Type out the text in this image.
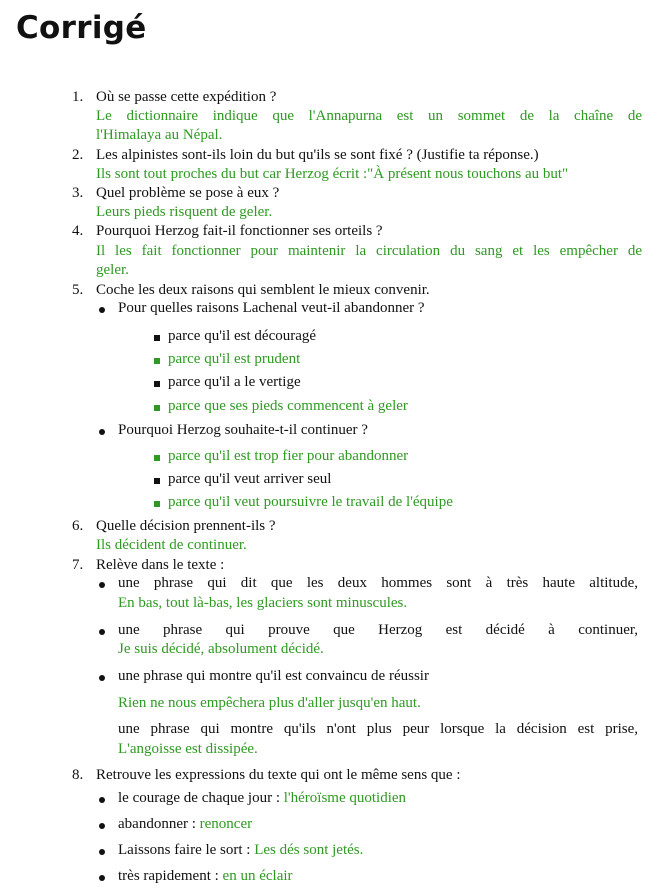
Corrigé
1. Où se passe cette expédition ?
Le dictionnaire indique que l'Annapurna est un sommet de la chaîne de
l'Himalaya au Népal.
2. Les alpinistes sont-ils loin du but qu'ils se sont fixé ? (Justifie ta réponse.)
Ils sont tout proches du but car Herzog écrit :"À présent nous touchons au but"
3. Quel problème se pose à eux ?
Leurs pieds risquent de geler.
4. Pourquoi Herzog fait-il fonctionner ses orteils ?
Il les fait fonctionner pour maintenir la circulation du sang et les empêcher de
geler.
5. Coche les deux raisons qui semblent le mieux convenir.
Pour quelles raisons Lachenal veut-il abandonner ?
parce qu'il est découragé
parce qu'il est prudent
parce qu'il a le vertige
parce que ses pieds commencent à geler
Pourquoi Herzog souhaite-t-il continuer ?
parce qu'il est trop fier pour abandonner
parce qu'il veut arriver seul
parce qu'il veut poursuivre le travail de l'équipe
6. Quelle décision prennent-ils ?
Ils décident de continuer.
7. Relève dans le texte :
une phrase qui dit que les deux hommes sont à très haute altitude,
En bas, tout là-bas, les glaciers sont minuscules.
une phrase qui prouve que Herzog est décidé à continuer,
Je suis décidé, absolument décidé.
une phrase qui montre qu'il est convaincu de réussir
Rien ne nous empêchera plus d'aller jusqu'en haut.
une phrase qui montre qu'ils n'ont plus peur lorsque la décision est prise,
L'angoisse est dissipée.
8. Retrouve les expressions du texte qui ont le même sens que :
le courage de chaque jour : l'héroïsme quotidien
abandonner : renoncer
Laissons faire le sort : Les dés sont jetés.
très rapidement : en un éclair
